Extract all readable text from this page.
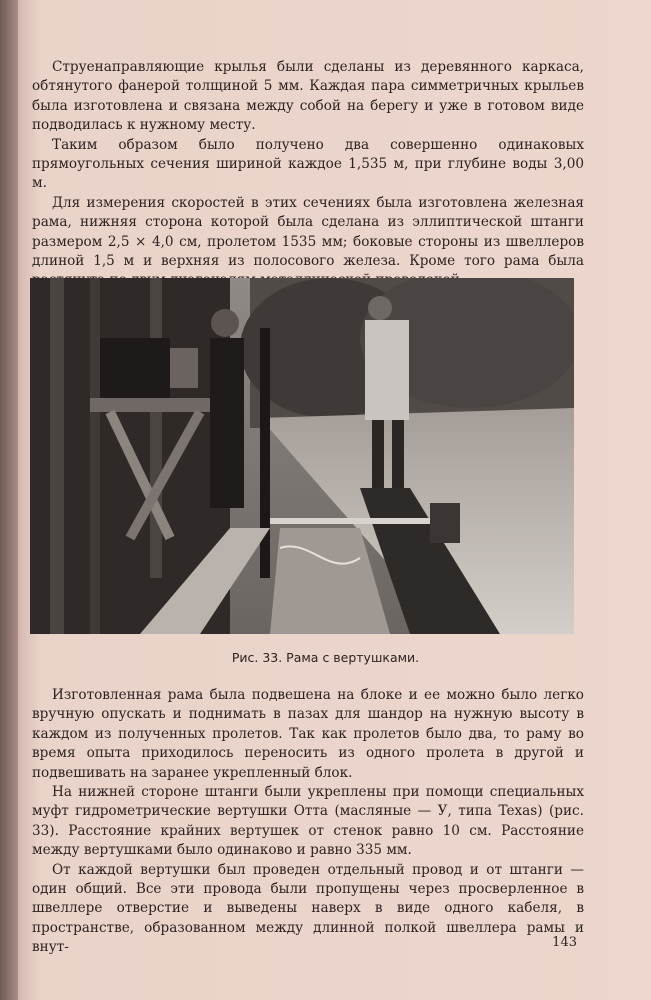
Струенаправляющие крылья были сделаны из деревянного каркаса, обтянутого фанерой толщиной 5 мм. Каждая пара симметричных крыльев была изготовлена и связана между собой на берегу и уже в готовом виде подводилась к нужному месту.

Таким образом было получено два совершенно одинаковых прямоугольных сечения шириной каждое 1,535 м, при глубине воды 3,00 м.

Для измерения скоростей в этих сечениях была изготовлена железная рама, нижняя сторона которой была сделана из эллиптической штанги размером 2,5 × 4,0 см, пролетом 1535 мм; боковые стороны из швеллеров длиной 1,5 м и верхняя из полосового железа. Кроме того рама была

Рис. 33. Рама с вертушками.

Изготовленная рама была подвешена на блоке и ее можно было легко вручную опускать и поднимать в пазах для шандор на нужную высоту в каждом из полученных пролетов. Так как пролетов было два, то раму во время опыта приходилось переносить из одного пролета в другой и подвешивать на заранее укрепленный блок.

На нижней стороне штанги были укреплены при помощи специальных муфт гидрометрические вертушки Отта (масляные — У, типа Texas) (рис. 33). Расстояние крайних вертушек от стенок равно 10 см. Расстояние между вертушками было одинаково и равно 335 мм.

От каждой вертушки был проведен отдельный провод и от штанги — один общий. Все эти провода были пропущены через просверленное в швеллере отверстие и выведены наверх в виде одного кабеля, в пространстве, образованном между длинной полкой швеллера рамы и внут-	143
